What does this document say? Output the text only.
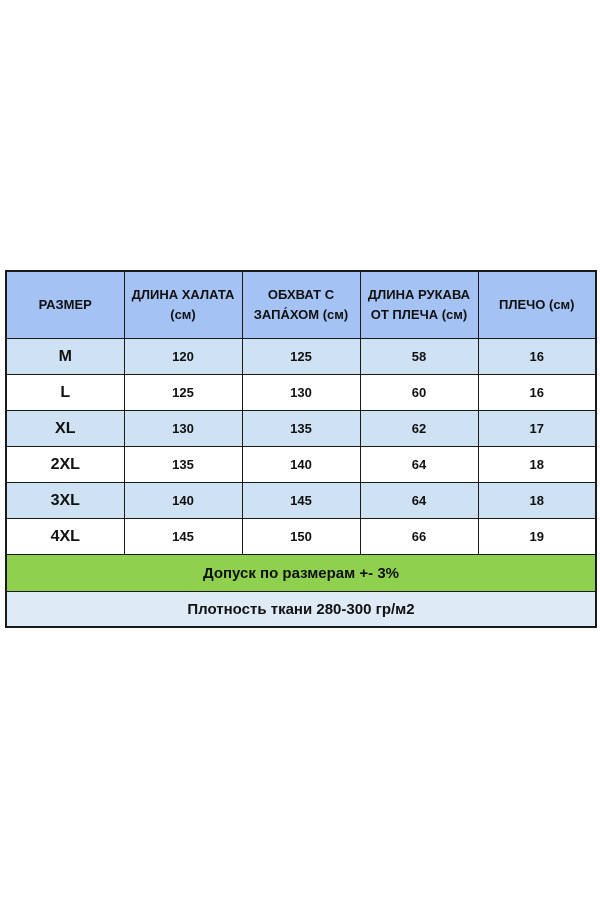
РАЗМЕР	ДЛИНА ХАЛАТА (см)	ОБХВАТ С ЗАПА́ХОМ (см)	ДЛИНА РУКАВА ОТ ПЛЕЧА (см)	ПЛЕЧО (см)
M	120	125	58	16
L	125	130	60	16
XL	130	135	62	17
2XL	135	140	64	18
3XL	140	145	64	18
4XL	145	150	66	19
Допуск по размерам +- 3%				
Плотность ткани 280-300 гр/м2				
